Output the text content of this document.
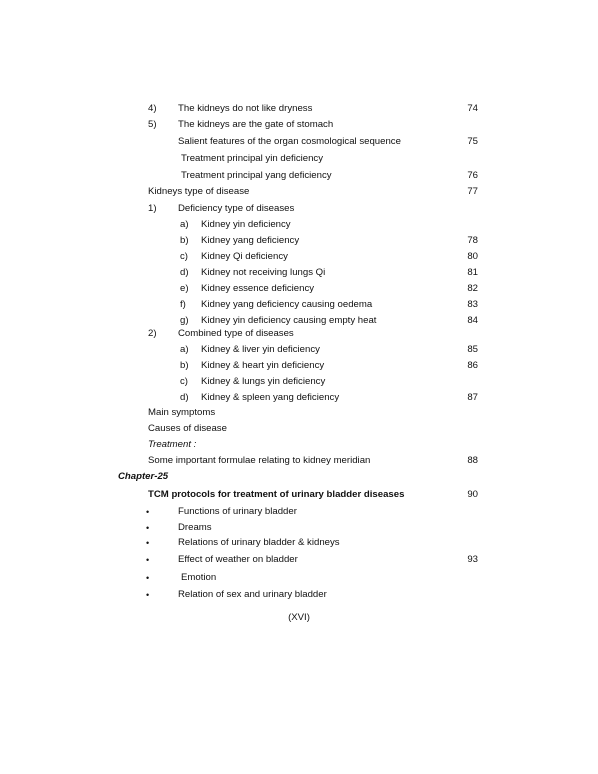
4) The kidneys do not like dryness	74
5) The kidneys are the gate of stomach
Salient features of the organ cosmological sequence	75
Treatment principal yin deficiency
Treatment principal yang deficiency	76
Kidneys type of disease	77
1) Deficiency type of diseases
a) Kidney yin deficiency
b) Kidney yang deficiency	78
c) Kidney Qi deficiency	80
d) Kidney not receiving lungs Qi	81
e) Kidney essence deficiency	82
f) Kidney yang deficiency causing oedema	83
g) Kidney yin deficiency causing empty heat	84
2) Combined type of diseases
a) Kidney & liver yin deficiency	85
b) Kidney & heart yin deficiency	86
c) Kidney & lungs yin deficiency
d) Kidney & spleen yang deficiency	87
Main symptoms
Causes of disease
Treatment :
Some important formulae relating to kidney meridian	88
Chapter-25
TCM protocols for treatment of urinary bladder diseases	90
•	Functions of urinary bladder
•	Dreams
•	Relations of urinary bladder & kidneys
•	Effect of weather on bladder	93
•	Emotion
•	Relation of sex and urinary bladder
(XVI)
